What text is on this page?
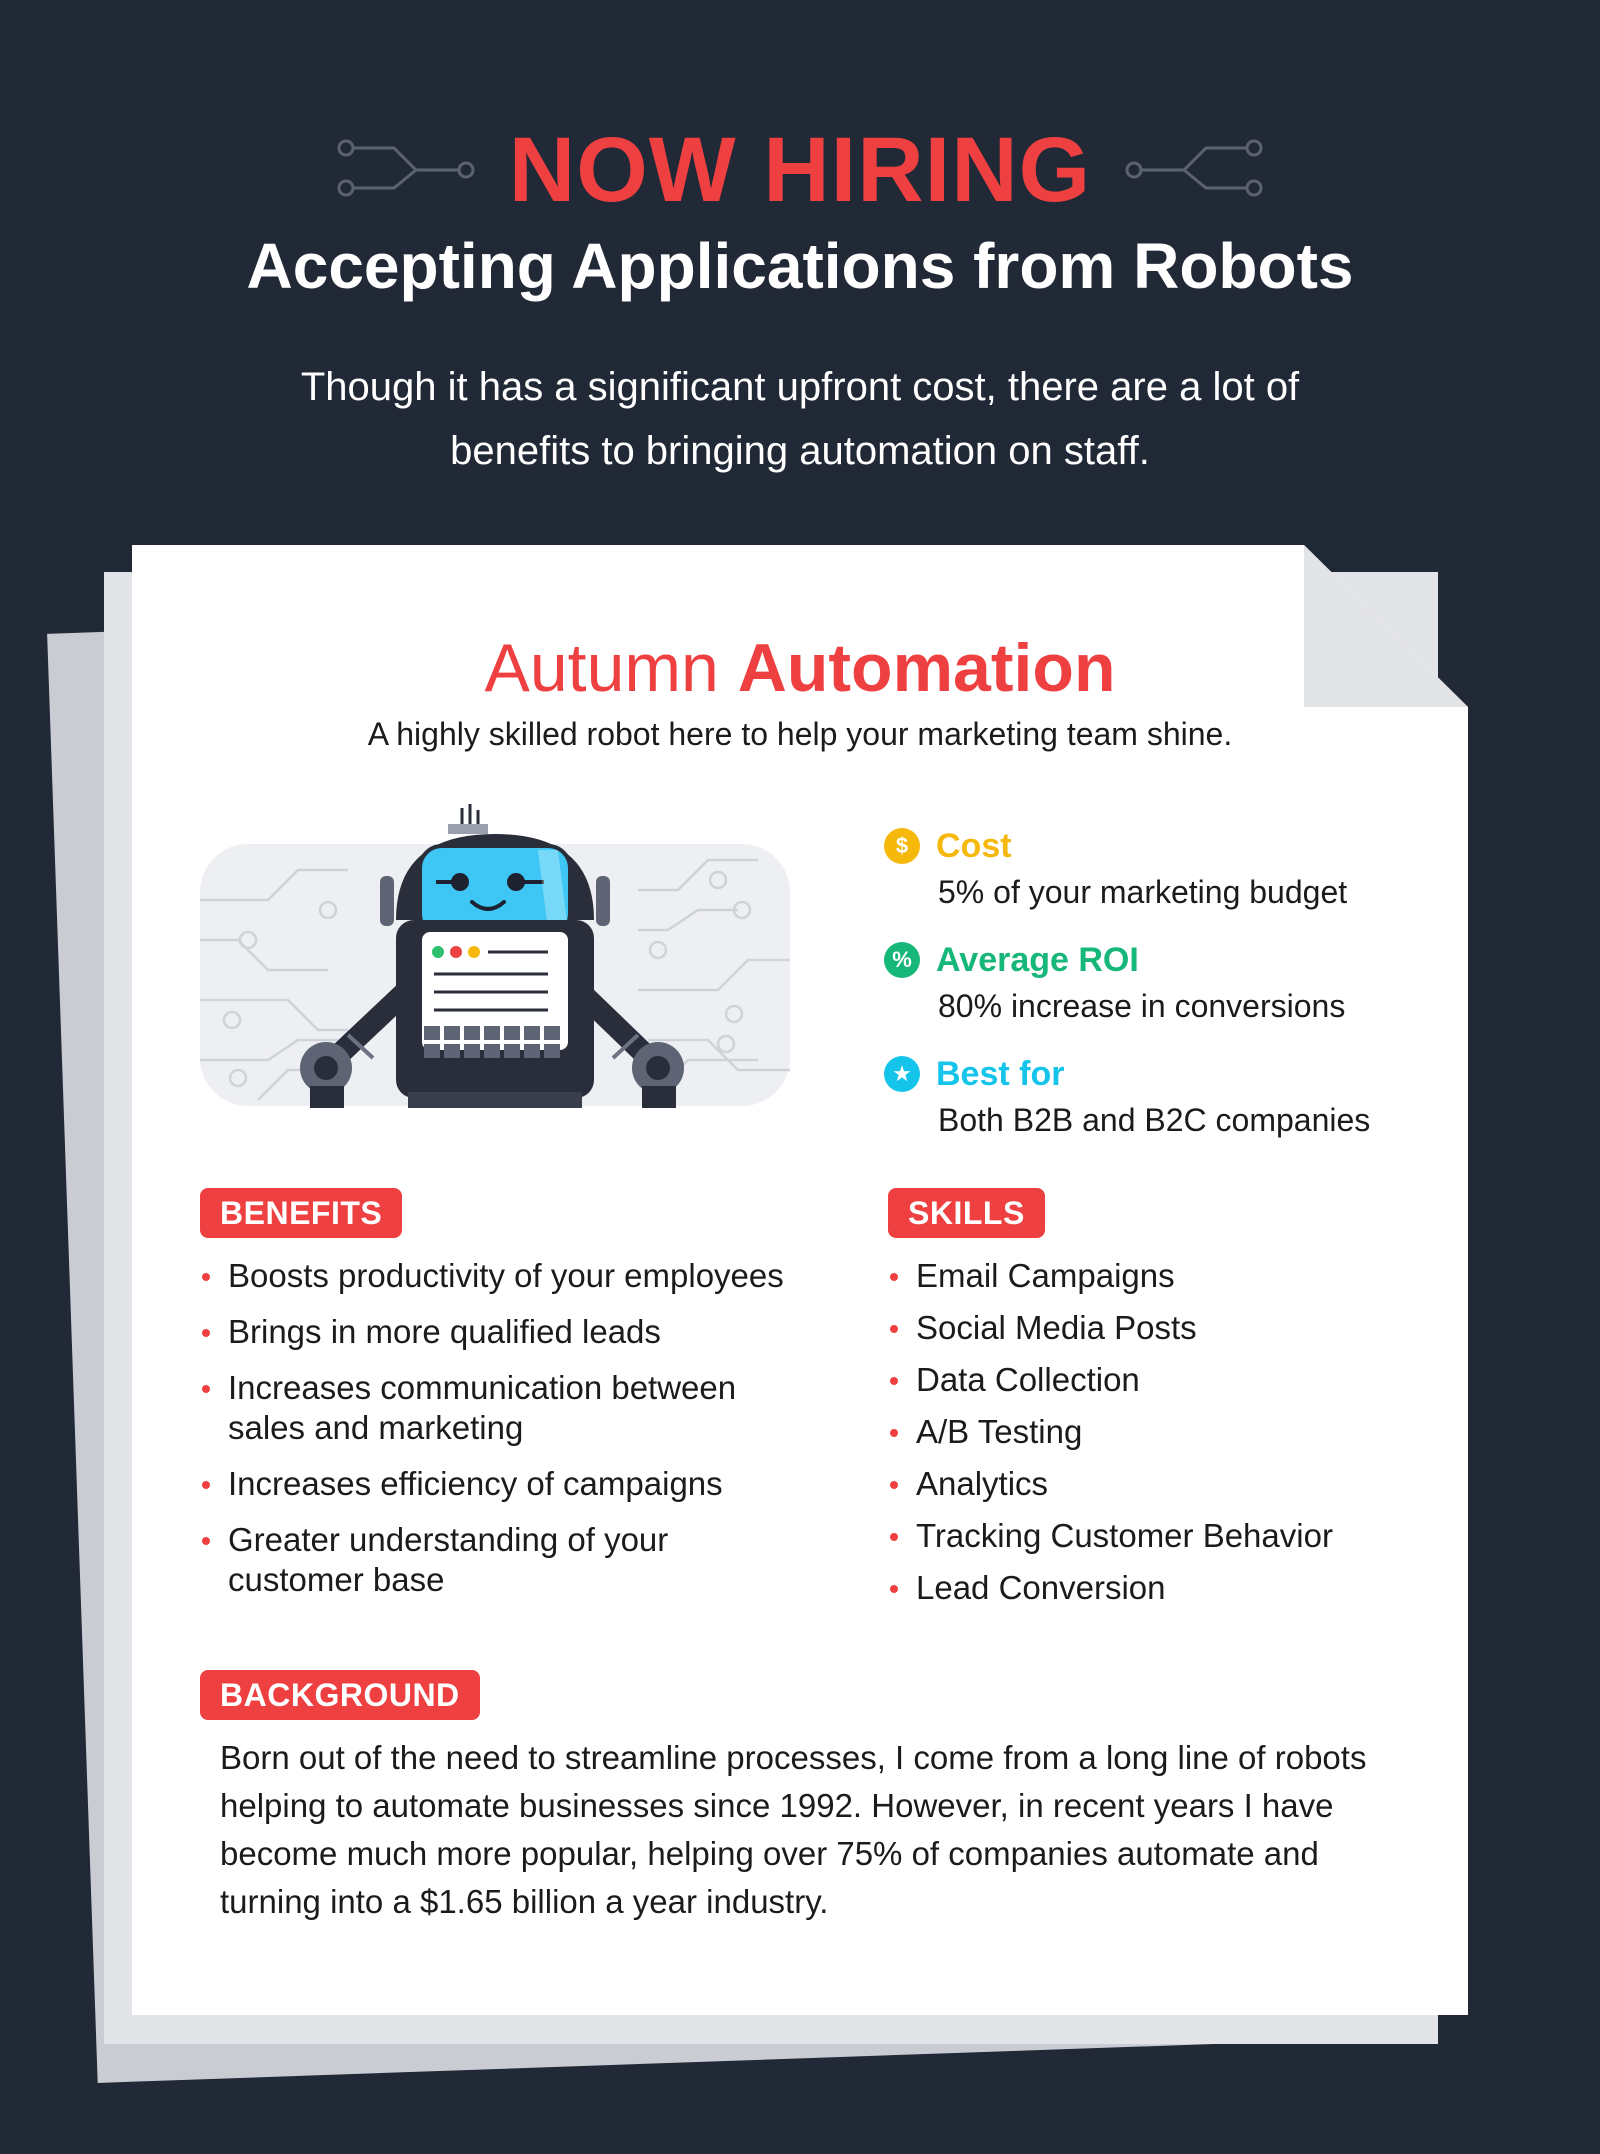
NOW HIRING
Accepting Applications from Robots
Though it has a significant upfront cost, there are a lot of benefits to bringing automation on staff.
Autumn Automation
A highly skilled robot here to help your marketing team shine.
$ Cost
5% of your marketing budget
% Average ROI
80% increase in conversions
★ Best for
Both B2B and B2C companies
BENEFITS
Boosts productivity of your employees
Brings in more qualified leads
Increases communication between sales and marketing
Increases efficiency of campaigns
Greater understanding of your customer base
SKILLS
Email Campaigns
Social Media Posts
Data Collection
A/B Testing
Analytics
Tracking Customer Behavior
Lead Conversion
BACKGROUND

Born out of the need to streamline processes, I come from a long line of robots helping to automate businesses since 1992. However, in recent years I have become much more popular, helping over 75% of companies automate and turning into a $1.65 billion a year industry.
